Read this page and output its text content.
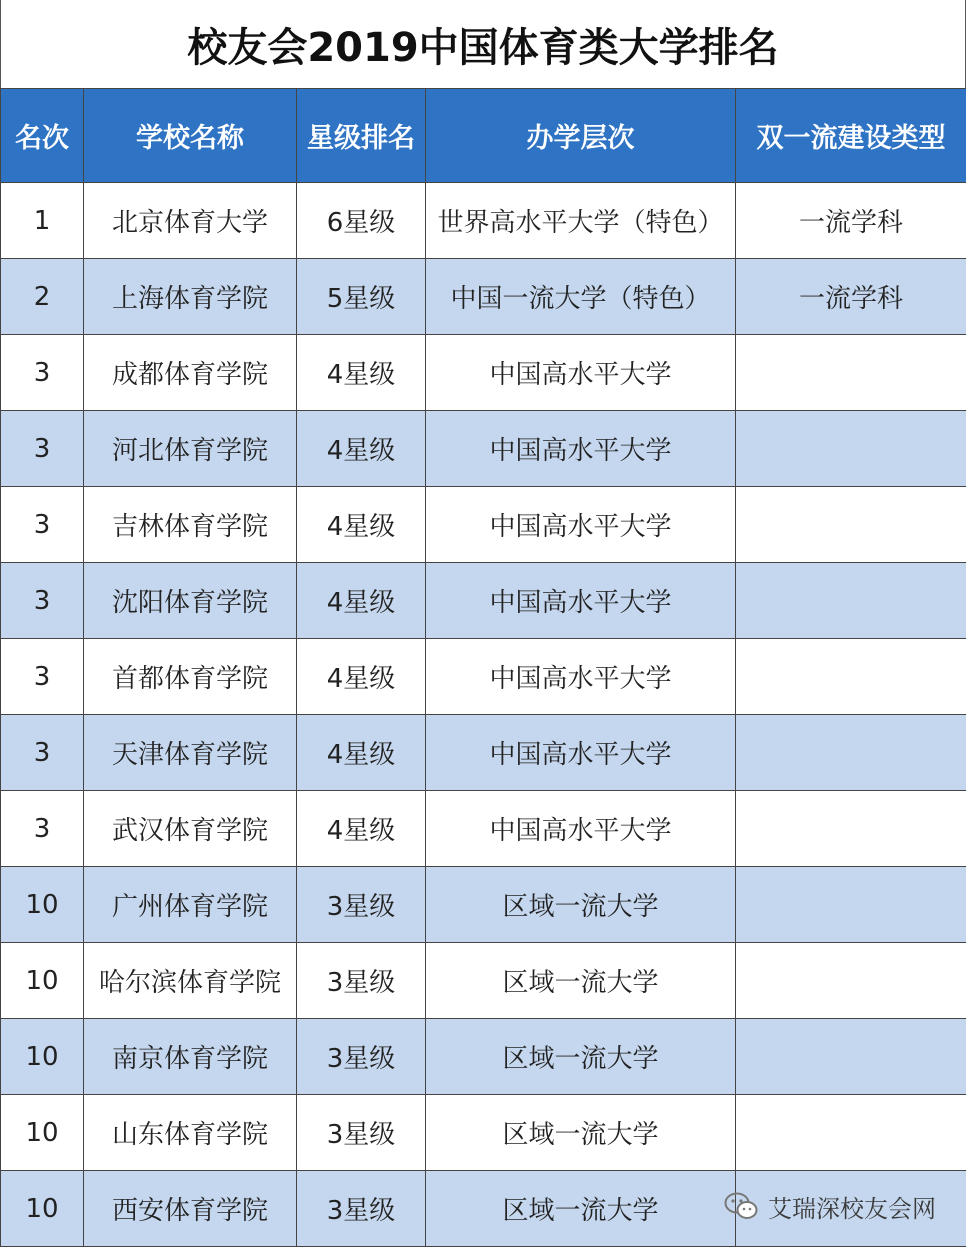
校友会2019中国体育类大学排名
名次	学校名称	星级排名	办学层次	双一流建设类型
1	北京体育大学	6星级	世界高水平大学（特色）	一流学科
2	上海体育学院	5星级	中国一流大学（特色）	一流学科
3	成都体育学院	4星级	中国高水平大学	
3	河北体育学院	4星级	中国高水平大学	
3	吉林体育学院	4星级	中国高水平大学	
3	沈阳体育学院	4星级	中国高水平大学	
3	首都体育学院	4星级	中国高水平大学	
3	天津体育学院	4星级	中国高水平大学	
3	武汉体育学院	4星级	中国高水平大学	
10	广州体育学院	3星级	区域一流大学	
10	哈尔滨体育学院	3星级	区域一流大学	
10	南京体育学院	3星级	区域一流大学	
10	山东体育学院	3星级	区域一流大学	
10	西安体育学院	3星级	区域一流大学		艾瑞深校友会网
